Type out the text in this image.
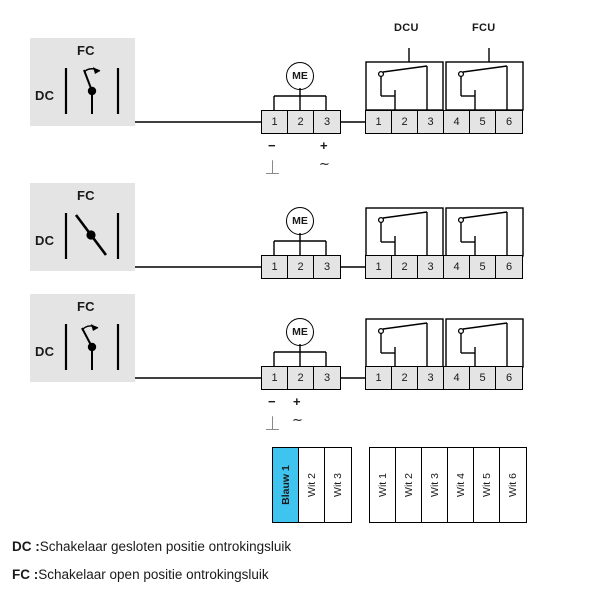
FC
DC
ME
1	2	3
−	+
⏊	~
DCU	FCU
1	2	3	4	5	6
FC
DC
ME
1	2	3	1	2	3	4	5	6
FC
DC
ME
1	2	3
− +
⏊ ~
1	2	3	4	5	6
Blauw 1 Wit 2 Wit 3	Wit 1 Wit 2 Wit 3 Wit 4 Wit 5 Wit 6
DC :Schakelaar gesloten positie ontrokingsluik
FC :Schakelaar open positie ontrokingsluik
